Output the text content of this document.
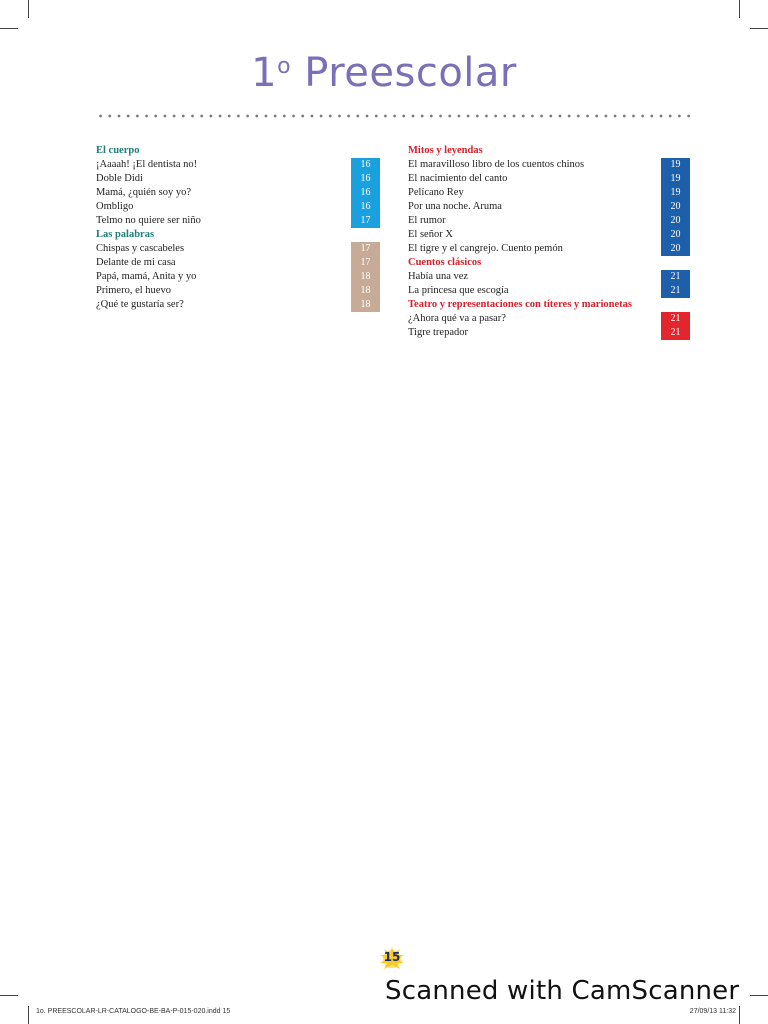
1$^o$ Preescolar
El cuerpo
¡Aaaah! ¡El dentista no!	16
Doble Didi	16
Mamá, ¿quién soy yo?	16
Ombligo	16
Telmo no quiere ser niño	17
Las palabras
Chispas y cascabeles	17
Delante de mi casa	17
Papá, mamá, Anita y yo	18
Primero, el huevo	18
¿Qué te gustaría ser?	18
Mitos y leyendas
El maravilloso libro de los cuentos chinos	19
El nacimiento del canto	19
Pelícano Rey	19
Por una noche. Aruma	20
El rumor	20
El señor X	20
El tigre y el cangrejo. Cuento pemón	20
Cuentos clásicos
Había una vez	21
La princesa que escogía	21
Teatro y representaciones con títeres y marionetas
¿Ahora qué va a pasar?	21
Tigre trepador	21
15
1o. PREESCOLAR-LR-CATALOGO-BE-BA-P-015-020.indd 15	27/09/13 11:32
Scanned with CamScanner
